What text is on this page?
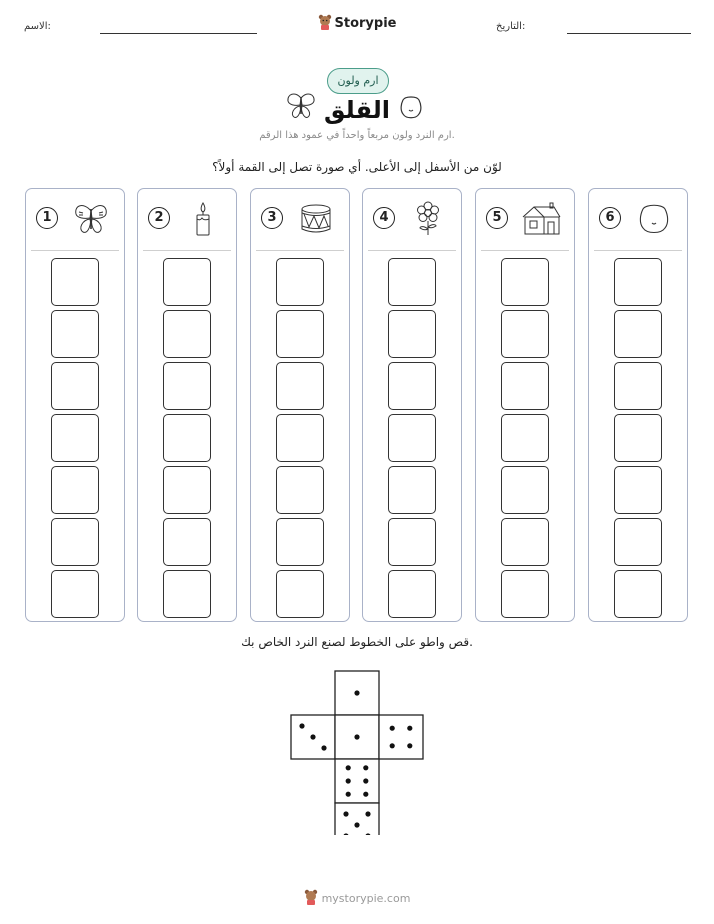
الاسم:	التاريخ:
Storypie
ارم ولون
القلق
ارم النرد ولون مربعاً واحداً في عمود هذا الرقم.
لوّن من الأسفل إلى الأعلى. أي صورة تصل إلى القمة أولاً؟
1	2	3	4	5	6
قص واطو على الخطوط لصنع النرد الخاص بك.
mystorypie.com
